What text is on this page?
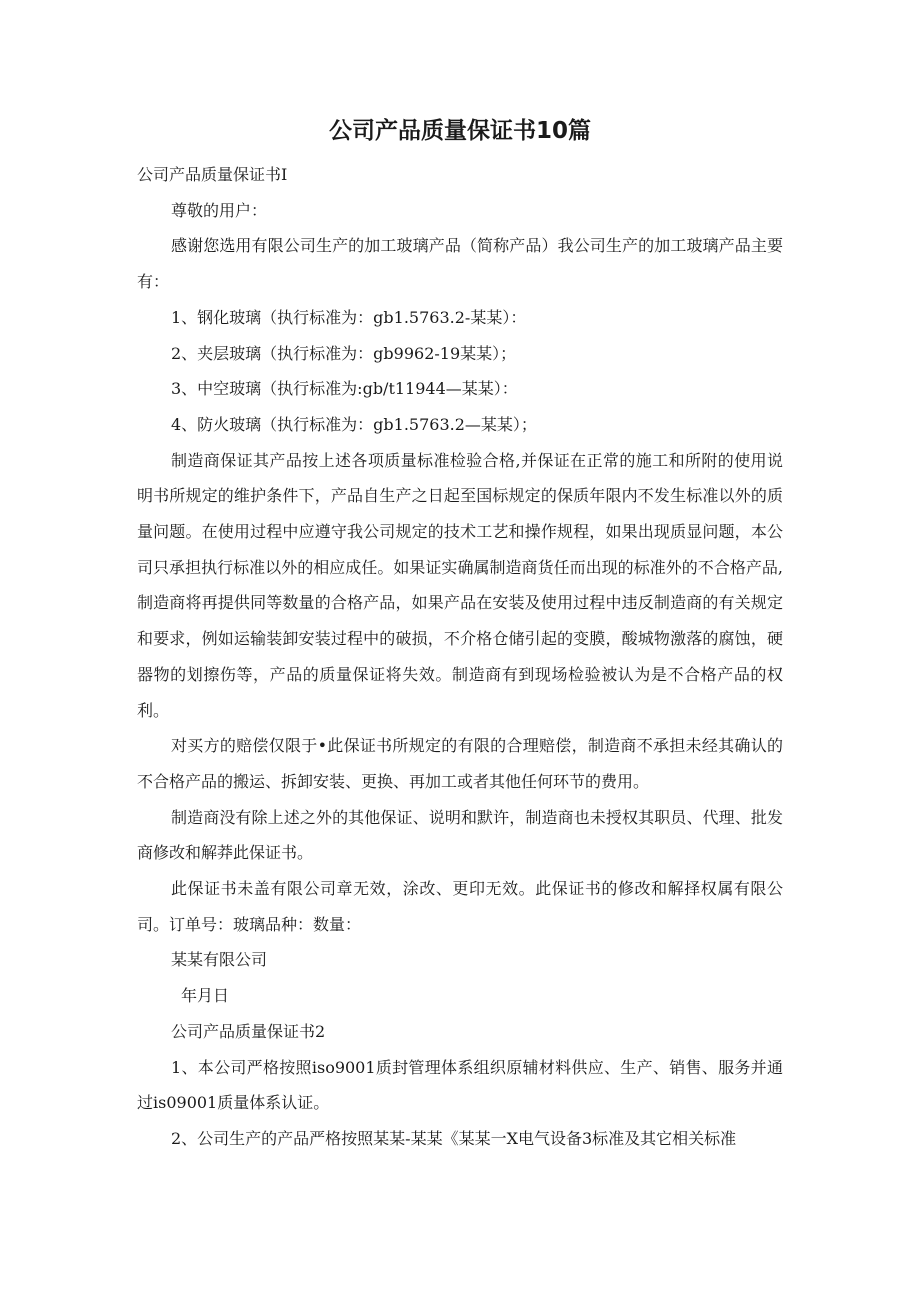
公司产品质量保证书10篇

公司产品质量保证书I

尊敬的用户：

感谢您选用有限公司生产的加工玻璃产品（简称产品）我公司生产的加工玻璃产品主要有：

1、钢化玻璃（执行标准为：gb1.5763.2-某某）：

2、夹层玻璃（执行标准为：gb9962-19某某）；

3、中空玻璃（执行标准为:gb/t11944—某某）：

4、防火玻璃（执行标准为：gb1.5763.2—某某）；

制造商保证其产品按上述各项质量标准检验合格,并保证在正常的施工和所附的使用说明书所规定的维护条件下，产品自生产之日起至国标规定的保质年限内不发生标准以外的质量问题。在使用过程中应遵守我公司规定的技术工艺和操作规程，如果出现质显问题，本公司只承担执行标准以外的相应成任。如果证实确属制造商货任而出现的标准外的不合格产品,制造商将再提供同等数量的合格产品，如果产品在安装及使用过程中违反制造商的有关规定和要求，例如运输装卸安装过程中的破损，不介格仓储引起的变膜，酸城物激落的腐蚀，硬器物的划擦伤等，产品的质量保证将失效。制造商有到现场检验被认为是不合格产品的权利。

对买方的赔偿仅限于•此保证书所规定的有限的合理赔偿，制造商不承担未经其确认的不合格产品的搬运、拆卸安装、更换、再加工或者其他任何环节的费用。

制造商没有除上述之外的其他保证、说明和默许，制造商也未授权其职员、代理、批发商修改和解莽此保证书。

此保证书未盖有限公司章无效，涂改、更印无效。此保证书的修改和解择权属有限公司。订单号：玻璃品种：数量：

某某有限公司

年月日

公司产品质量保证书2

1、本公司严格按照iso9001质封管理体系组织原辅材料供应、生产、销售、服务并通过is09001质量体系认证。

2、公司生产的产品严格按照某某-某某《某某一X电气设备3标准及其它相关标准
